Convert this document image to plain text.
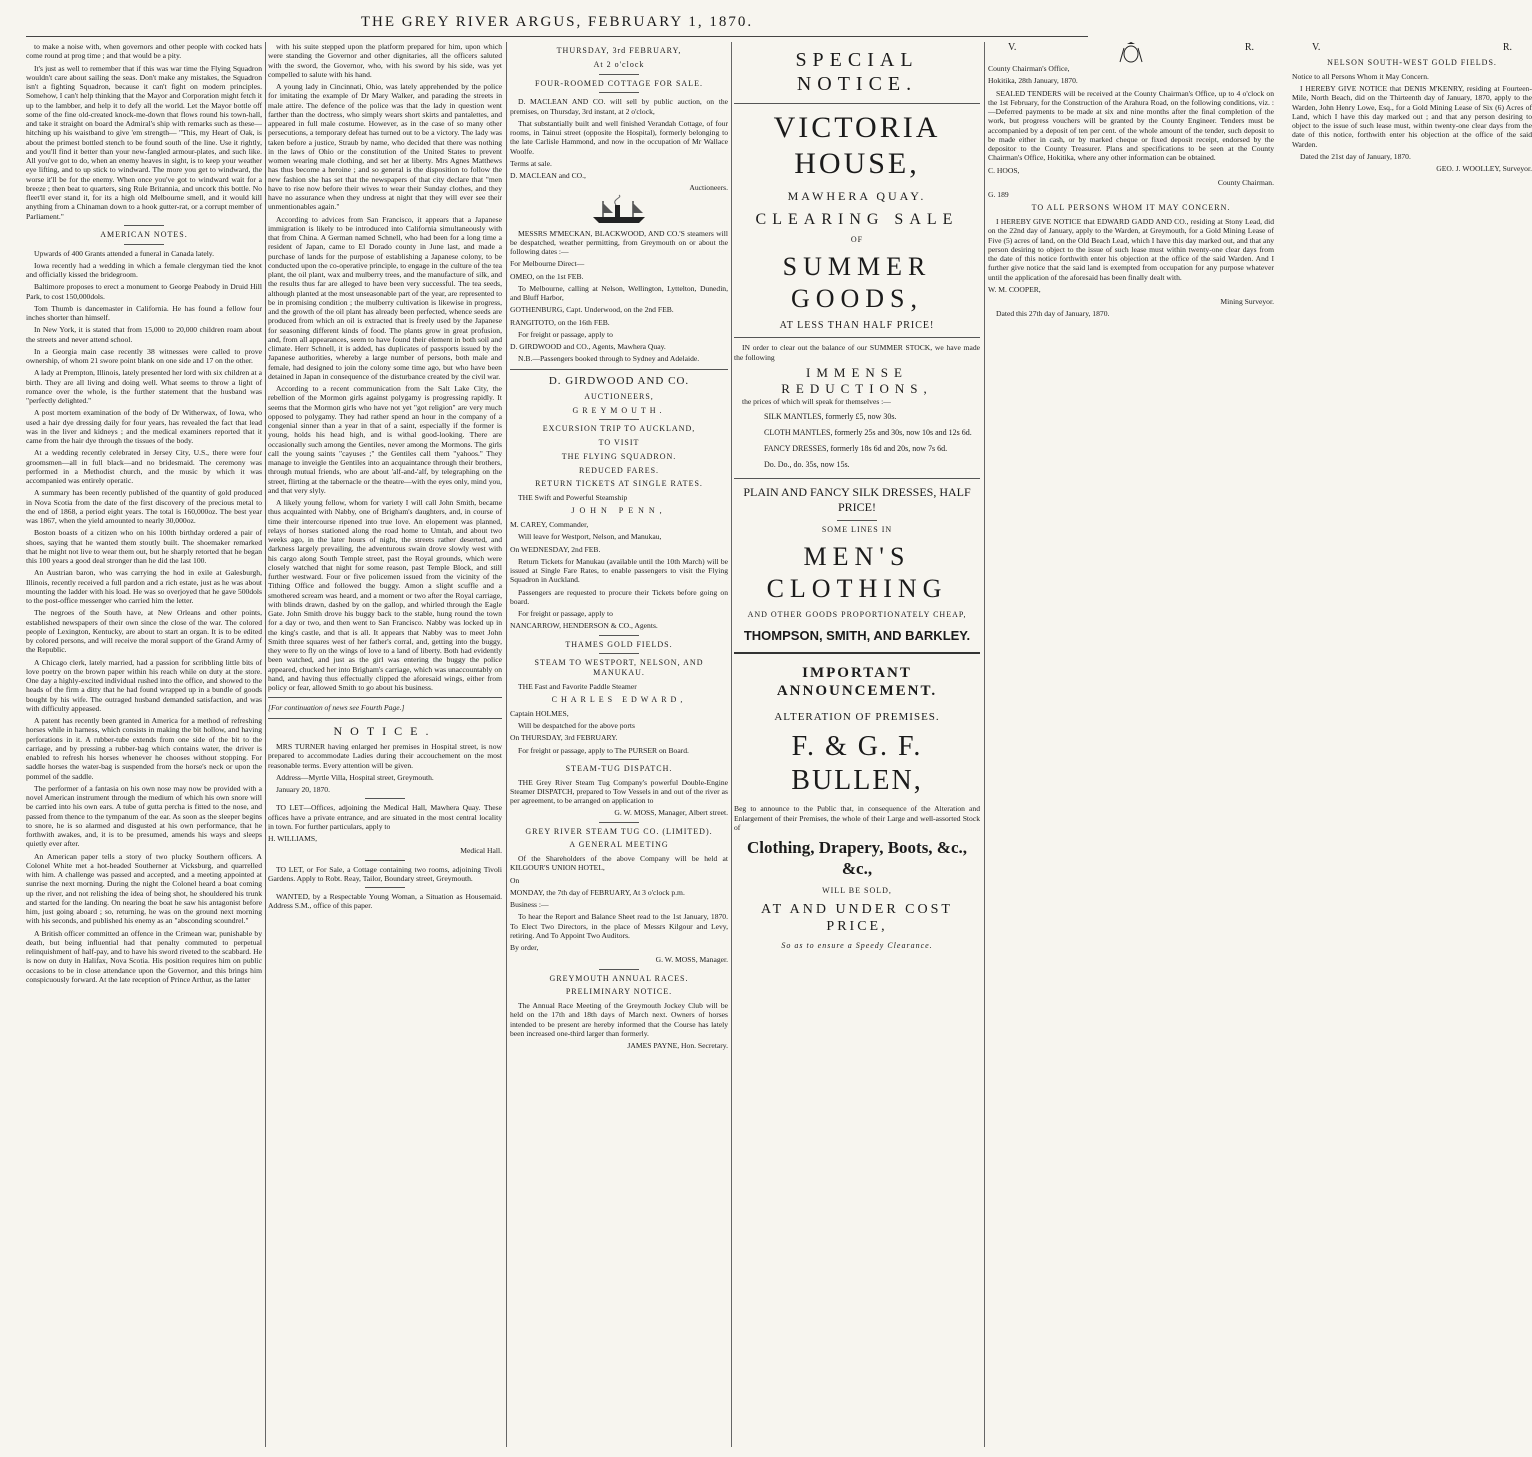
THE GREY RIVER ARGUS, FEBRUARY 1, 1870.

to make a noise with, when governors and other people with cocked hats come round at prog time ; and that would be a pity.

It's just as well to remember that if this was war time the Flying Squadron wouldn't care about sailing the seas. Don't make any mistakes, the Squadron isn't a fighting Squadron, because it can't fight on modern principles. Somehow, I can't help thinking that the Mayor and Corporation might fetch it up to the lambber, and help it to defy all the world. Let the Mayor bottle off some of the fine old-created knock-me-down that flows round his town-hall, and take it straight on board the Admiral's ship with remarks such as these—hitching up his waistband to give 'em strength— "This, my Heart of Oak, is about the primest bottled stench to be found south of the line. Use it rightly, and you'll find it better than your new-fangled armour-plates, and such like. All you've got to do, when an enemy heaves in sight, is to keep your weather eye lifting, and to up stick to windward. The more you get to windward, the worse it'll be for the enemy. When once you've got to windward wait for a breeze ; then beat to quarters, sing Rule Britannia, and uncork this bottle. No fleet'll ever stand it, for its a high old Melbourne smell, and it would kill anything from a Chinaman down to a hook gutter-rat, or a corrupt member of Parliament."

AMERICAN NOTES.

Upwards of 400 Grants attended a funeral in Canada lately.

Iowa recently had a wedding in which a female clergyman tied the knot and officially kissed the bridegroom.

Baltimore proposes to erect a monument to George Peabody in Druid Hill Park, to cost 150,000dols.

Tom Thumb is dancemaster in California. He has found a fellow four inches shorter than himself.

In New York, it is stated that from 15,000 to 20,000 children roam about the streets and never attend school.

In a Georgia main case recently 38 witnesses were called to prove ownership, of whom 21 swore point blank on one side and 17 on the other.

A lady at Prempton, Illinois, lately presented her lord with six children at a birth. They are all living and doing well. What seems to throw a light of romance over the whole, is the further statement that the husband was "perfectly delighted."

A post mortem examination of the body of Dr Witherwax, of Iowa, who used a hair dye dressing daily for four years, has revealed the fact that lead was in the liver and kidneys ; and the medical examiners reported that it came from the hair dye through the tissues of the body.

At a wedding recently celebrated in Jersey City, U.S., there were four groomsmen—all in full black—and no bridesmaid. The ceremony was performed in a Methodist church, and the music by which it was accompanied was entirely operatic.

A summary has been recently published of the quantity of gold produced in Nova Scotia from the date of the first discovery of the precious metal to the end of 1868, a period eight years. The total is 160,000oz. The best year was 1867, when the yield amounted to nearly 30,000oz.

Boston boasts of a citizen who on his 100th birthday ordered a pair of shoes, saying that he wanted them stoutly built. The shoemaker remarked that he might not live to wear them out, but he sharply retorted that he began this 100 years a good deal stronger than he did the last 100.

An Austrian baron, who was carrying the hod in exile at Galesburgh, Illinois, recently received a full pardon and a rich estate, just as he was about mounting the ladder with his load. He was so overjoyed that he gave 500dols to the post-office messenger who carried him the letter.

The negroes of the South have, at New Orleans and other points, established newspapers of their own since the close of the war. The colored people of Lexington, Kentucky, are about to start an organ. It is to be edited by colored persons, and will receive the moral support of the Grand Army of the Republic.

A Chicago clerk, lately married, had a passion for scribbling little bits of love poetry on the brown paper within his reach while on duty at the store. One day a highly-excited individual rushed into the office, and showed to the heads of the firm a ditty that he had found wrapped up in a bundle of goods bought by his wife. The outraged husband demanded satisfaction, and was with difficulty appeased.

A patent has recently been granted in America for a method of refreshing horses while in harness, which consists in making the bit hollow, and having perforations in it. A rubber-tube extends from one side of the bit to the carriage, and by pressing a rubber-bag which contains water, the driver is enabled to refresh his horses whenever he chooses without stopping. For saddle horses the water-bag is suspended from the horse's neck or upon the pommel of the saddle.

The performer of a fantasia on his own nose may now be provided with a novel American instrument through the medium of which his own snore will be carried into his own ears. A tube of gutta percha is fitted to the nose, and passed from thence to the tympanum of the ear. As soon as the sleeper begins to snore, he is so alarmed and disgusted at his own performance, that he forthwith awakes, and, it is to be presumed, amends his ways and sleeps quietly ever after.

An American paper tells a story of two plucky Southern officers. A Colonel White met a hot-headed Southerner at Vicksburg, and quarrelled with him. A challenge was passed and accepted, and a meeting appointed at sunrise the next morning. During the night the Colonel heard a boat coming up the river, and not relishing the idea of being shot, he shouldered his trunk and started for the landing. On nearing the boat he saw his antagonist before him, just going aboard ; so, returning, he was on the ground next morning with his seconds, and published his enemy as an "absconding scoundrel."

A British officer committed an offence in the Crimean war, punishable by death, but being influential had that penalty commuted to perpetual relinquishment of half-pay, and to have his sword riveted to the scabbard. He is now on duty in Halifax, Nova Scotia. His position requires him on public occasions to be in close attendance upon the Governor, and this brings him conspicuously forward. At the late reception of Prince Arthur, as the latter

with his suite stepped upon the platform prepared for him, upon which were standing the Governor and other dignitaries, all the officers saluted with the sword, the Governor, who, with his sword by his side, was yet compelled to salute with his hand.

A young lady in Cincinnati, Ohio, was lately apprehended by the police for imitating the example of Dr Mary Walker, and parading the streets in male attire. The defence of the police was that the lady in question went farther than the doctress, who simply wears short skirts and pantalettes, and appeared in full male costume. However, as in the case of so many other persecutions, a temporary defeat has turned out to be a victory. The lady was taken before a justice, Straub by name, who decided that there was nothing in the laws of Ohio or the constitution of the United States to prevent women wearing male clothing, and set her at liberty. Mrs Agnes Matthews has thus become a heroine ; and so general is the disposition to follow the new fashion she has set that the newspapers of that city declare that "men have to rise now before their wives to wear their Sunday clothes, and they have no assurance when they undress at night that they will ever see their unmentionables again."

According to advices from San Francisco, it appears that a Japanese immigration is likely to be introduced into California simultaneously with that from China. A German named Schnell, who had been for a long time a resident of Japan, came to El Dorado county in June last, and made a purchase of lands for the purpose of establishing a Japanese colony, to be conducted upon the co-operative principle, to engage in the culture of the tea plant, the oil plant, wax and mulberry trees, and the manufacture of silk, and the results thus far are alleged to have been very successful. The tea seeds, although planted at the most unseasonable part of the year, are represented to be in promising condition ; the mulberry cultivation is likewise in progress, and the growth of the oil plant has already been perfected, whence seeds are produced from which an oil is extracted that is freely used by the Japanese for seasoning different kinds of food. The plants grow in great profusion, and, from all appearances, seem to have found their element in both soil and climate. Herr Schnell, it is added, has duplicates of passports issued by the Japanese authorities, whereby a large number of persons, both male and female, had designed to join the colony some time ago, but who have been detained in Japan in consequence of the disturbance created by the civil war.

According to a recent communication from the Salt Lake City, the rebellion of the Mormon girls against polygamy is progressing rapidly. It seems that the Mormon girls who have not yet "got religion" are very much opposed to polygamy. They had rather spend an hour in the company of a congenial sinner than a year in that of a saint, especially if the former is young, holds his head high, and is withal good-looking. There are occasionally such among the Gentiles, never among the Mormons. The girls call the young saints "cayuses ;" the Gentiles call them "yahoos." They manage to inveigle the Gentiles into an acquaintance through their brothers, through mutual friends, who are about 'alf-and-'alf, by telegraphing on the street, flirting at the tabernacle or the theatre—with the eyes only, mind you, and that very slyly.

A likely young fellow, whom for variety I will call John Smith, became thus acquainted with Nabby, one of Brigham's daughters, and, in course of time their intercourse ripened into true love. An elopement was planned, relays of horses stationed along the road home to Umtah, and about two weeks ago, in the later hours of night, the streets rather deserted, and darkness largely prevailing, the adventurous swain drove slowly west with his cargo along South Temple street, past the Royal grounds, which were closely watched that night for some reason, past Temple Block, and still further westward. Four or five policemen issued from the vicinity of the Tithing Office and followed the buggy. Amon a slight scuffle and a smothered scream was heard, and a moment or two after the Royal carriage, with blinds drawn, dashed by on the gallop, and whirled through the Eagle Gate. John Smith drove his buggy back to the stable, hung round the town for a day or two, and then went to San Francisco. Nabby was locked up in the king's castle, and that is all. It appears that Nabby was to meet John Smith three squares west of her father's corral, and, getting into the buggy, they were to fly on the wings of love to a land of liberty. Both had evidently been watched, and just as the girl was entering the buggy the police appeared, chucked her into Brigham's carriage, which was unaccountably on hand, and having thus effectually clipped the aforesaid wings, either from policy or fear, allowed Smith to go about his business.

[For continuation of news see Fourth Page.]

NOTICE.

MRS TURNER having enlarged her premises in Hospital street, is now prepared to accommodate Ladies during their accouchement on the most reasonable terms. Every attention will be given.

Address—Myrtle Villa, Hospital street, Greymouth.

January 20, 1870.

TO LET—Offices, adjoining the Medical Hall, Mawhera Quay. These offices have a private entrance, and are situated in the most central locality in town. For further particulars, apply to

H. WILLIAMS,

Medical Hall.

TO LET, or For Sale, a Cottage containing two rooms, adjoining Tivoli Gardens. Apply to Robt. Reay, Tailor, Boundary street, Greymouth.

WANTED, by a Respectable Young Woman, a Situation as Housemaid. Address S.M., office of this paper.

THURSDAY, 3rd FEBRUARY,
At 2 o'clock
FOUR-ROOMED COTTAGE FOR SALE.

D. MACLEAN AND CO. will sell by public auction, on the premises, on Thursday, 3rd instant, at 2 o'clock,

That substantially built and well finished Verandah Cottage, of four rooms, in Tainui street (opposite the Hospital), formerly belonging to the late Carlisle Hammond, and now in the occupation of Mr Wallace Woolfe.

Terms at sale.

D. MACLEAN and CO.,

Auctioneers.

MESSRS M'MECKAN, BLACKWOOD, AND CO.'S steamers will be despatched, weather permitting, from Greymouth on or about the following dates :—

For Melbourne Direct—

OMEO, on the 1st FEB.

To Melbourne, calling at Nelson, Wellington, Lyttelton, Dunedin, and Bluff Harbor,

GOTHENBURG, Capt. Underwood, on the 2nd FEB.

RANGITOTO, on the 16th FEB.

For freight or passage, apply to

D. GIRDWOOD and CO., Agents, Mawhera Quay.

N.B.—Passengers booked through to Sydney and Adelaide.

D. GIRDWOOD AND CO.
AUCTIONEERS,
GREYMOUTH.
EXCURSION TRIP TO AUCKLAND,
TO VISIT
THE FLYING SQUADRON.
REDUCED FARES.
RETURN TICKETS AT SINGLE RATES.

THE Swift and Powerful Steamship

JOHN PENN,

M. CAREY, Commander,

Will leave for Westport, Nelson, and Manukau,

On WEDNESDAY, 2nd FEB.

Return Tickets for Manukau (available until the 10th March) will be issued at Single Fare Rates, to enable passengers to visit the Flying Squadron in Auckland.

Passengers are requested to procure their Tickets before going on board.

For freight or passage, apply to

NANCARROW, HENDERSON & CO., Agents.

THAMES GOLD FIELDS.
STEAM TO WESTPORT, NELSON, AND MANUKAU.

THE Fast and Favorite Paddle Steamer

CHARLES EDWARD,

Captain HOLMES,

Will be despatched for the above ports

On THURSDAY, 3rd FEBRUARY.

For freight or passage, apply to The PURSER on Board.

STEAM-TUG DISPATCH.

THE Grey River Steam Tug Company's powerful Double-Engine Steamer DISPATCH, prepared to Tow Vessels in and out of the river as per agreement, to be arranged on application to

G. W. MOSS, Manager, Albert street.

GREY RIVER STEAM TUG CO. (LIMITED).
A GENERAL MEETING

Of the Shareholders of the above Company will be held at KILGOUR'S UNION HOTEL,

On

MONDAY, the 7th day of FEBRUARY, At 3 o'clock p.m.

Business :—

To hear the Report and Balance Sheet read to the 1st January, 1870. To Elect Two Directors, in the place of Messrs Kilgour and Levy, retiring. And To Appoint Two Auditors.

By order,

G. W. MOSS, Manager.

GREYMOUTH ANNUAL RACES.
PRELIMINARY NOTICE.

The Annual Race Meeting of the Greymouth Jockey Club will be held on the 17th and 18th days of March next. Owners of horses intended to be present are hereby informed that the Course has lately been increased one-third larger than formerly.

JAMES PAYNE, Hon. Secretary.

SPECIAL NOTICE.
VICTORIA HOUSE,
MAWHERA QUAY.
CLEARING SALE
OF
SUMMER GOODS,
AT LESS THAN HALF PRICE!

IN order to clear out the balance of our SUMMER STOCK, we have made the following

IMMENSE REDUCTIONS,

the prices of which will speak for themselves :—

SILK MANTLES, formerly £5, now 30s.
CLOTH MANTLES, formerly 25s and 30s, now 10s and 12s 6d.
FANCY DRESSES, formerly 18s 6d and 20s, now 7s 6d.
Do. Do., do. 35s, now 15s.
PLAIN AND FANCY SILK DRESSES, HALF PRICE!
SOME LINES IN
MEN'S CLOTHING
AND OTHER GOODS PROPORTIONATELY CHEAP,
THOMPSON, SMITH, AND BARKLEY.
IMPORTANT ANNOUNCEMENT.
ALTERATION OF PREMISES.
F. & G. F. BULLEN,

Beg to announce to the Public that, in consequence of the Alteration and Enlargement of their Premises, the whole of their Large and well-assorted Stock of

Clothing, Drapery, Boots, &c., &c.,
WILL BE SOLD,
AT AND UNDER COST PRICE,
So as to ensure a Speedy Clearance.
V.	R.

County Chairman's Office,

Hokitika, 28th January, 1870.

SEALED TENDERS will be received at the County Chairman's Office, up to 4 o'clock on the 1st February, for the Construction of the Arahura Road, on the following conditions, viz. :—Deferred payments to be made at six and nine months after the final completion of the work, but progress vouchers will be granted by the County Engineer. Tenders must be accompanied by a deposit of ten per cent. of the whole amount of the tender, such deposit to be made either in cash, or by marked cheque or fixed deposit receipt, endorsed by the depositor to the County Treasurer. Plans and specifications to be seen at the County Chairman's Office, Hokitika, where any other information can be obtained.

C. HOOS,

County Chairman.

G. 189

TO ALL PERSONS WHOM IT MAY CONCERN.

I HEREBY GIVE NOTICE that EDWARD GADD AND CO., residing at Stony Lead, did on the 22nd day of January, apply to the Warden, at Greymouth, for a Gold Mining Lease of Five (5) acres of land, on the Old Beach Lead, which I have this day marked out, and that any person desiring to object to the issue of such lease must within twenty-one clear days from the date of this notice forthwith enter his objection at the office of the said Warden. And I further give notice that the said land is exempted from occupation for any purpose whatever until the application of the aforesaid has been finally dealt with.

W. M. COOPER,

Mining Surveyor.

Dated this 27th day of January, 1870.

V.	R.
NELSON SOUTH-WEST GOLD FIELDS.

Notice to all Persons Whom it May Concern.

I HEREBY GIVE NOTICE that DENIS M'KENRY, residing at Fourteen-Mile, North Beach, did on the Thirteenth day of January, 1870, apply to the Warden, John Henry Lowe, Esq., for a Gold Mining Lease of Six (6) Acres of Land, which I have this day marked out ; and that any person desiring to object to the issue of such lease must, within twenty-one clear days from the date of this notice, forthwith enter his objection at the office of the said Warden.

Dated the 21st day of January, 1870.

GEO. J. WOOLLEY, Surveyor.
